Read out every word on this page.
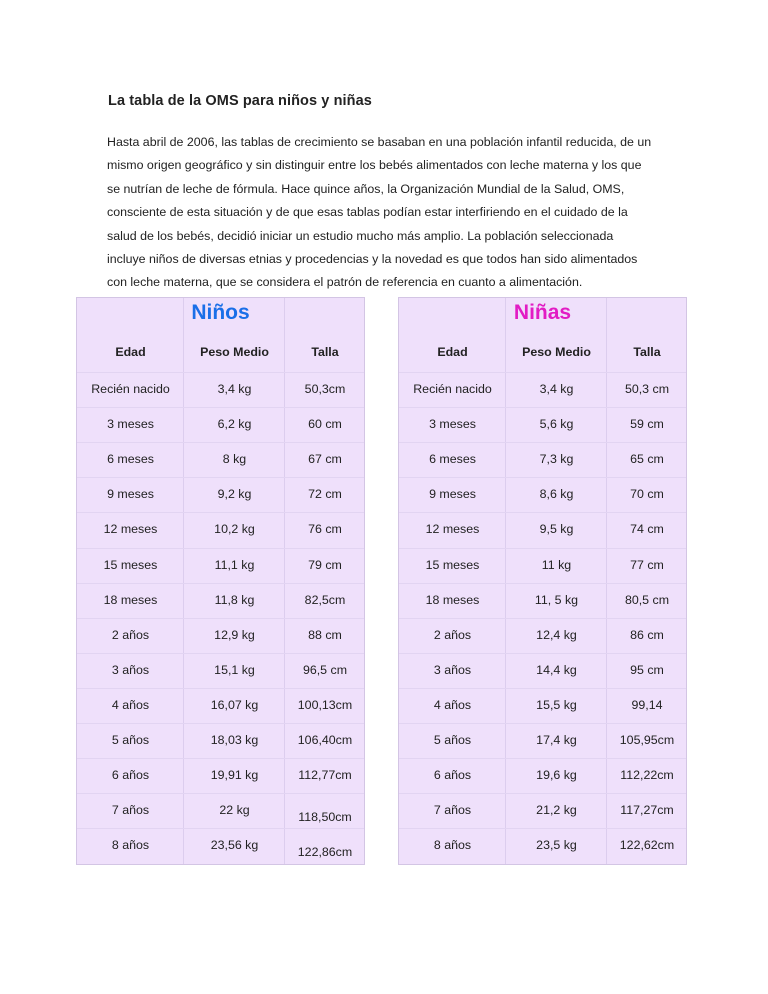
La tabla de la OMS para niños y niñas
Hasta abril de 2006, las tablas de crecimiento se basaban en una población infantil reducida, de un
mismo origen geográfico y sin distinguir entre los bebés alimentados con leche materna y los que
se nutrían de leche de fórmula. Hace quince años, la Organización Mundial de la Salud, OMS,
consciente de esta situación y de que esas tablas podían estar interfiriendo en el cuidado de la
salud de los bebés, decidió iniciar un estudio mucho más amplio. La población seleccionada
incluye niños de diversas etnias y procedencias y la novedad es que todos han sido alimentados
con leche materna, que se considera el patrón de referencia en cuanto a alimentación.
Niños
Edad	Peso Medio	Talla
Recién nacido	3,4 kg	50,3cm
3 meses	6,2 kg	60 cm
6 meses	8 kg	67 cm
9 meses	9,2 kg	72 cm
12 meses	10,2 kg	76 cm
15 meses	11,1 kg	79 cm
18 meses	11,8 kg	82,5cm
2 años	12,9 kg	88 cm
3 años	15,1 kg	96,5 cm
4 años	16,07 kg	100,13cm
5 años	18,03 kg	106,40cm
6 años	19,91 kg	112,77cm
7 años	22 kg	118,50cm
8 años	23,56 kg	122,86cm
Niñas
Edad	Peso Medio	Talla
Recién nacido	3,4 kg	50,3 cm
3 meses	5,6 kg	59 cm
6 meses	7,3 kg	65 cm
9 meses	8,6 kg	70 cm
12 meses	9,5 kg	74 cm
15 meses	11 kg	77 cm
18 meses	11, 5 kg	80,5 cm
2 años	12,4 kg	86 cm
3 años	14,4 kg	95 cm
4 años	15,5 kg	99,14
5 años	17,4 kg	105,95cm
6 años	19,6 kg	112,22cm
7 años	21,2 kg	117,27cm
8 años	23,5 kg	122,62cm
